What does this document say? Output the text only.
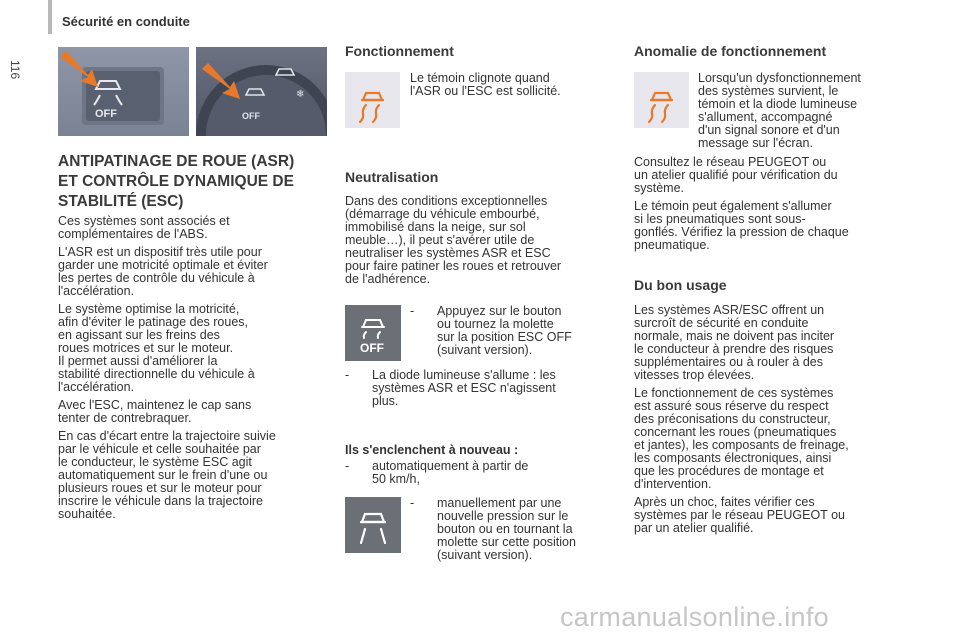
Sécurité en conduite
116
OFF	OFF
❄
ANTIPATINAGE DE ROUE (ASR)
ET CONTRÔLE DYNAMIQUE DE
STABILITÉ (ESC)

Ces systèmes sont associés et
complémentaires de l'ABS.

L'ASR est un dispositif très utile pour
garder une motricité optimale et éviter
les pertes de contrôle du véhicule à
l'accélération.

Le système optimise la motricité,
afin d'éviter le patinage des roues,
en agissant sur les freins des
roues motrices et sur le moteur.
Il permet aussi d'améliorer la
stabilité directionnelle du véhicule à
l'accélération.

Avec l'ESC, maintenez le cap sans
tenter de contrebraquer.

En cas d'écart entre la trajectoire suivie
par le véhicule et celle souhaitée par
le conducteur, le système ESC agit
automatiquement sur le frein d'une ou
plusieurs roues et sur le moteur pour
inscrire le véhicule dans la trajectoire
souhaitée.

Fonctionnement
Le témoin clignote quand
l'ASR ou l'ESC est sollicité.
Neutralisation
Dans des conditions exceptionnelles
(démarrage du véhicule embourbé,
immobilisé dans la neige, sur sol
meuble…), il peut s'avérer utile de
neutraliser les systèmes ASR et ESC
pour faire patiner les roues et retrouver
de l'adhérence.
OFF
- Appuyez sur le bouton
ou tournez la molette
sur la position ESC OFF
(suivant version).
- La diode lumineuse s'allume : les
systèmes ASR et ESC n'agissent
plus.
Ils s'enclenchent à nouveau :
- automatiquement à partir de
50 km/h,
- manuellement par une
nouvelle pression sur le
bouton ou en tournant la
molette sur cette position
(suivant version).
Anomalie de fonctionnement
Lorsqu'un dysfonctionnement
des systèmes survient, le
témoin et la diode lumineuse
s'allument, accompagné
d'un signal sonore et d'un
message sur l'écran.

Consultez le réseau PEUGEOT ou
un atelier qualifié pour vérification du
système.

Le témoin peut également s'allumer
si les pneumatiques sont sous-
gonflés. Vérifiez la pression de chaque
pneumatique.

Du bon usage

Les systèmes ASR/ESC offrent un
surcroît de sécurité en conduite
normale, mais ne doivent pas inciter
le conducteur à prendre des risques
supplémentaires ou à rouler à des
vitesses trop élevées.

Le fonctionnement de ces systèmes
est assuré sous réserve du respect
des préconisations du constructeur,
concernant les roues (pneumatiques
et jantes), les composants de freinage,
les composants électroniques, ainsi
que les procédures de montage et
d'intervention.

Après un choc, faites vérifier ces
systèmes par le réseau PEUGEOT ou
par un atelier qualifié.

carmanualsonline.info
